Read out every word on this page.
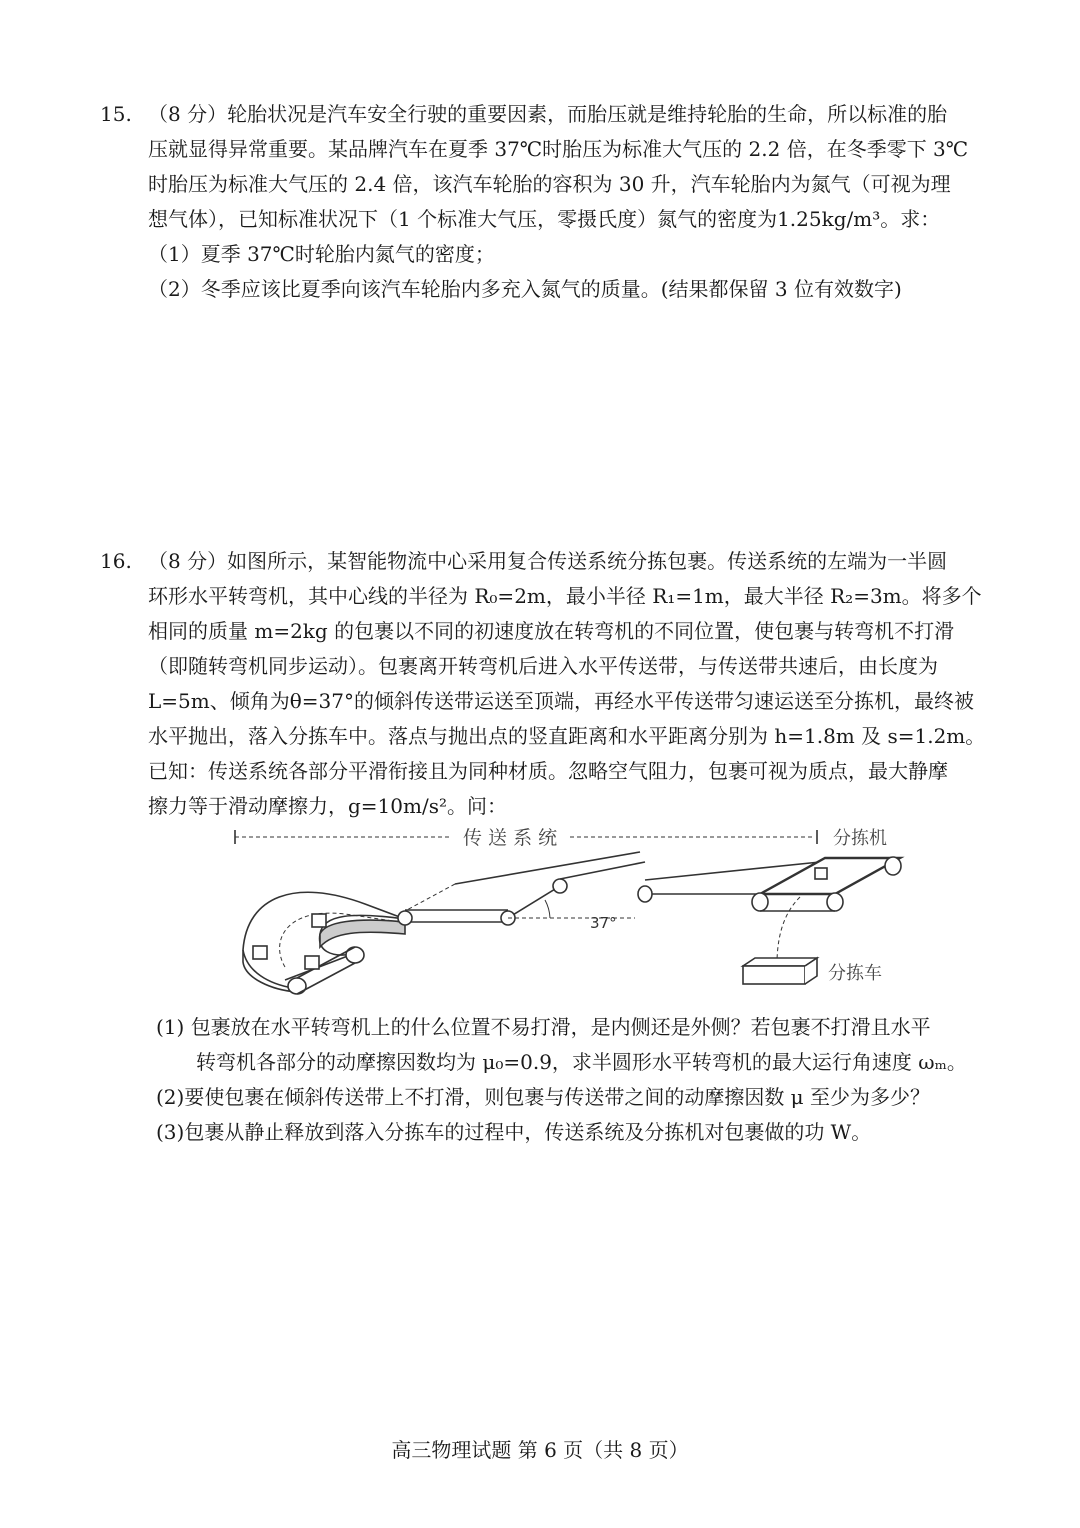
15. （8 分）轮胎状况是汽车安全行驶的重要因素，而胎压就是维持轮胎的生命，所以标准的胎

压就显得异常重要。某品牌汽车在夏季 37℃时胎压为标准大气压的 2.2 倍，在冬季零下 3℃

时胎压为标准大气压的 2.4 倍，该汽车轮胎的容积为 30 升，汽车轮胎内为氮气（可视为理

想气体），已知标准状况下（1 个标准大气压，零摄氏度）氮气的密度为1.25kg/m³。求：

（1）夏季 37℃时轮胎内氮气的密度；

（2）冬季应该比夏季向该汽车轮胎内多充入氮气的质量。(结果都保留 3 位有效数字)

16. （8 分）如图所示，某智能物流中心采用复合传送系统分拣包裹。传送系统的左端为一半圆

环形水平转弯机，其中心线的半径为 R₀=2m，最小半径 R₁=1m，最大半径 R₂=3m。将多个

相同的质量 m=2kg 的包裹以不同的初速度放在转弯机的不同位置，使包裹与转弯机不打滑

（即随转弯机同步运动）。包裹离开转弯机后进入水平传送带，与传送带共速后，由长度为

L=5m、倾角为θ=37°的倾斜传送带运送至顶端，再经水平传送带匀速运送至分拣机，最终被

水平抛出，落入分拣车中。落点与抛出点的竖直距离和水平距离分别为 h=1.8m 及 s=1.2m。

已知：传送系统各部分平滑衔接且为同种材质。忽略空气阻力，包裹可视为质点，最大静摩

擦力等于滑动摩擦力，g=10m/s²。问：

传 送 系 统	分拣机
37°
分拣车

(1) 包裹放在水平转弯机上的什么位置不易打滑，是内侧还是外侧？若包裹不打滑且水平

转弯机各部分的动摩擦因数均为 μ₀=0.9，求半圆形水平转弯机的最大运行角速度 ωₘ。

(2)要使包裹在倾斜传送带上不打滑，则包裹与传送带之间的动摩擦因数 μ 至少为多少？

(3)包裹从静止释放到落入分拣车的过程中，传送系统及分拣机对包裹做的功 W。

高三物理试题 第 6 页（共 8 页）
